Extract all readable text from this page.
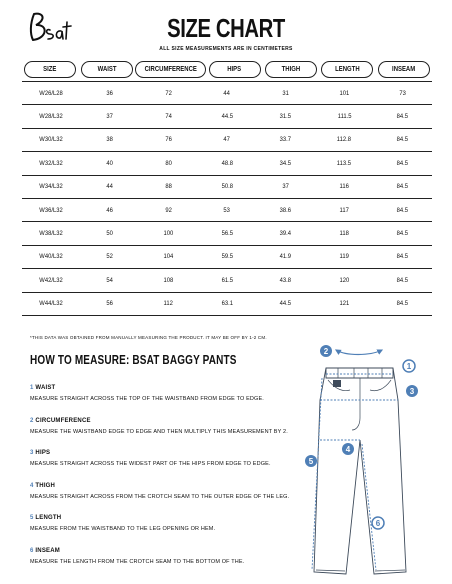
SIZE CHART
ALL SIZE MEASUREMENTS ARE IN CENTIMETERS
SIZE	WAIST	CIRCUMFERENCE	HIPS	THIGH	LENGTH	INSEAM
W26/L28	36	72	44	31	101	73
W28/L32	37	74	44.5	31.5	111.5	84.5
W30/L32	38	76	47	33.7	112.8	84.5
W32/L32	40	80	48.8	34.5	113.5	84.5
W34/L32	44	88	50.8	37	116	84.5
W36/L32	46	92	53	38.6	117	84.5
W38/L32	50	100	56.5	39.4	118	84.5
W40/L32	52	104	59.5	41.9	119	84.5
W42/L32	54	108	61.5	43.8	120	84.5
W44/L32	56	112	63.1	44.5	121	84.5
*THIS DATA WAS OBTAINED FROM MANUALLY MEASURING THE PRODUCT. IT MAY BE OFF BY 1-2 CM.
HOW TO MEASURE: BSAT BAGGY PANTS
1 WAIST
MEASURE STRAIGHT ACROSS THE TOP OF THE WAISTBAND FROM EDGE TO EDGE.
2 CIRCUMFERENCE
MEASURE THE WAISTBAND EDGE TO EDGE AND THEN MULTIPLY THIS MEASUREMENT BY 2.
3 HIPS
MEASURE STRAIGHT ACROSS THE WIDEST PART OF THE HIPS FROM EDGE TO EDGE.
4 THIGH
MEASURE STRAIGHT ACROSS FROM THE CROTCH SEAM TO THE OUTER EDGE OF THE LEG.
5 LENGTH
MEASURE FROM THE WAISTBAND TO THE LEG OPENING OR HEM.
6 INSEAM
MEASURE THE LENGTH FROM THE CROTCH SEAM TO THE BOTTOM OF THE.
1
2
3
4
5
6
